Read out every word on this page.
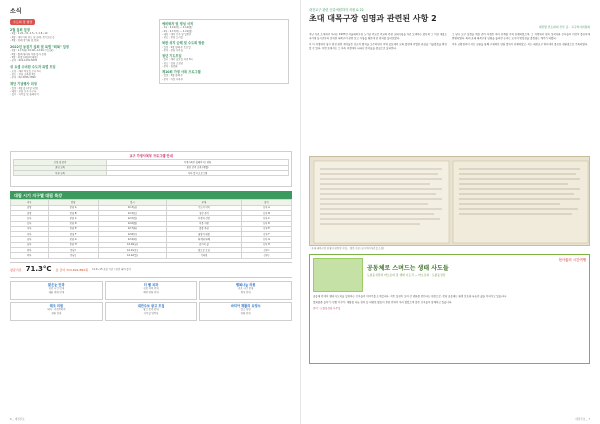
소식
수도회 및 행정
2월 집회 일정
- 1월 : 1.20~31, 2.5~7, 2.8~10
- 2월 : 에누아와 전도 및 순례, 정기모임 등
- 3월 : 연례 정기회 및 총회
2022년 동절기 집회 및 특별 "회복" 일정
- 1월 : 1.17(화) 10:00~12:00 (기도회)
- 2월 : 월례 행사와 자원 봉사 운영
- 3월 : 특별 (대면/비대면)
- 문의 : 010-1234-5678
성 요셉 수녀원 수도자 특별 모임
- 모임 : 매주 목요일 오후 3시
- 장소 : 본당 교육관 2층
- 문의 : 02-3456-7890
재단 기념행사 피정
- 일정 : 2월 중 (주말 피정)
- 대상 : 본당 신자 누구나
- 접수 : 사무실 및 홈페이지
예비학자 및 영성 서적
- 1차 : 2.10(목) ~ 2.14(월)
- 2차 : 2.17(목) ~ 2.21(월)
- 대상 : 예비 신자 및 일반인
- 장소 : 본당 도서실
북한 성지 순례 및 수도회 방문
- 일정 : 2월 셋째 주 토요일
- 문의 : 본당 사무실
청년 기도모임
- 일시 : 매주 금요일 저녁 8시
- 장소 : 성당 소성당
- 문의 : 청년회
제10회 가정 사목 프로그램
- 일정 : 3월 첫째 주
- 문의 : 가정 사목부
교구 가정사목부 프로그램 안내
신청 및 문의	가정사목부 홈페이지 / 전화
혼인 교육	혼인 준비 교육 (매월)
부부 교육	부부 일치 프로그램
대림 시기 지구별 대림 특강
지구	본당	일시	주제	강사
중앙	본당 A	12.3(금)	기도의 의미	신부 A
중앙	본당 B	12.4(토)	성탄 준비	신부 B
동부	본당 C	12.5(일)	가정과 신앙	신부 C
동부	본당 D	12.6(월)	이웃 사랑	신부 D
서부	본당 E	12.7(화)	말씀 묵상	신부 E
서부	본당 F	12.8(수)	희망의 대림	신부 F
남부	본당 G	12.9(목)	회개와 화해	신부 G
남부	본당 H	12.10(금)	감사의 삶	신부 H
북부	본당 I	12.11(토)	빛으로 오심	신부 I
북부	본당 J	12.12(일)	기다림	신부 J
평균기온 71.3°C 총 급여 713,822,862원 11.9~15 포함 기준 / 전년 대비 증가
맑은눈 안과
진료 시간 안내
대표 전화 안내
더 웰 치과
진료 과목 안내
예약 전화 안내
행복나눔 의원
진료 시간 안내
위치 안내
태조 의원
내과 · 가정의학과
전화 안내
대전주보 광고 모집
광고 문의 안내
사무실 연락처
마리아 재활의 요양소
입소 상담
전화 안내
6 _ 대전주보
대전교구 관련 인류애원하자 지원 & 22
초대 대목구장 임명과 관련된 사항 2
대전방 전도희의 신부 글 · 교구역사위원회

지난 자료 소개에서 우리는 1937년 서울대목구장 노기남 주교로 주교좌 주관 교회사항을 자료 모색하는 중단적 그 이상 내용도 국가에 동시로부터 보내된 대목구의 관련 보고 사항을 영문에 한 편지를 살펴보았다.

이 이 과정에서 당시 경성 관련 제자들은 선교의 원칙을 고수하면서 지역 공동체의 교회 발전에 각별한 관심을 기울였음을 확인할 수 있다. 이번 호에서는 그 후속 과정에서 나타난 문서들을 중심으로 살펴본다.

그 당시 교구 설정을 위한 준비 과정은 여러 단계를 거쳐 진행되었으며, 그 과정에서 현지 성직자와 신자들의 의견이 중요하게 반영되었다. 특히 초대 대목구장 임명을 둘러싼 논의는 교구의 방향성을 결정짓는 계기가 되었다.

이후 교황청과의 서신 교환을 통해 구체적인 임명 절차가 진행되었고, 이는 대전교구 역사에서 중요한 전환점으로 기록되었다.

「초대 대목구장 임명과 관련된 서한」 원본 자료 (교구역사자료실 소장)
천사들의 시간여행
공동체로 스며드는 생태 사도들
도룡동성당과 바오로의 집 생태 사도직 — 바오로와 · 도룡동성당

공동체 안에서 생태 사도직을 실천하는 신자들의 이야기를 소개합니다. 작은 실천이 모여 큰 변화를 만든다는 믿음으로, 본당 공동체는 환경 보호와 나눔의 삶을 이어가고 있습니다.

일회용품 줄이기, 텃밭 가꾸기, 재활용 나눔 장터 등 다양한 활동이 본당 안에서 자리 잡았으며 많은 신자들이 함께하고 있습니다.

문의 : 도룡동성당 사무실

대전주보 _ 7
